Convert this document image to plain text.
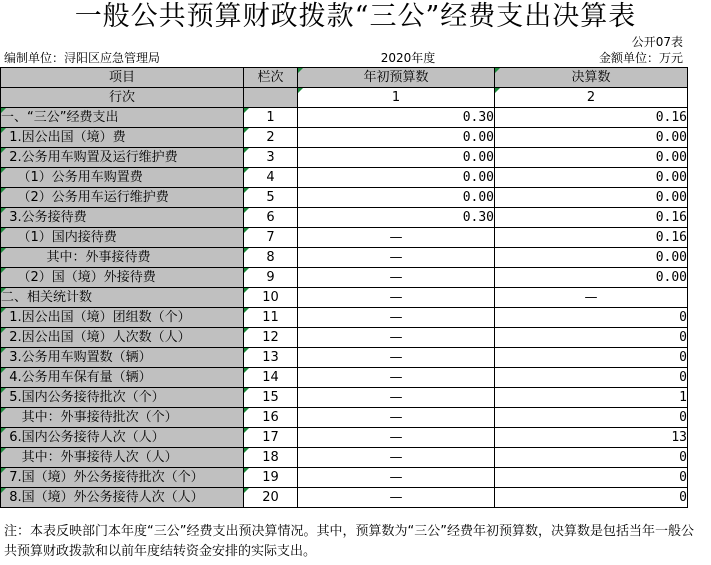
一般公共预算财政拨款“三公”经费支出决算表
公开07表
编制单位：浔阳区应急管理局	2020年度	金额单位：万元
项目	栏次	年初预算数	决算数
行次		1	2
一、“三公”经费支出	1	0.30	0.16
1.因公出国（境）费	2	0.00	0.00
2.公务用车购置及运行维护费	3	0.00	0.00
（1）公务用车购置费	4	0.00	0.00
（2）公务用车运行维护费	5	0.00	0.00
3.公务接待费	6	0.30	0.16
（1）国内接待费	7	—	0.16
其中：外事接待费	8	—	0.00
（2）国（境）外接待费	9	—	0.00
二、相关统计数	10	—	—
1.因公出国（境）团组数（个）	11	—	0
2.因公出国（境）人次数（人）	12	—	0
3.公务用车购置数（辆）	13	—	0
4.公务用车保有量（辆）	14	—	0
5.国内公务接待批次（个）	15	—	1
其中：外事接待批次（个）	16	—	0
6.国内公务接待人次（人）	17	—	13
其中：外事接待人次（人）	18	—	0
7.国（境）外公务接待批次（个）	19	—	0
8.国（境）外公务接待人次（人）	20	—	0
注：本表反映部门本年度“三公”经费支出预决算情况。其中，预算数为“三公”经费年初预算数，决算数是包括当年一般公共预算财政拨款和以前年度结转资金安排的实际支出。
